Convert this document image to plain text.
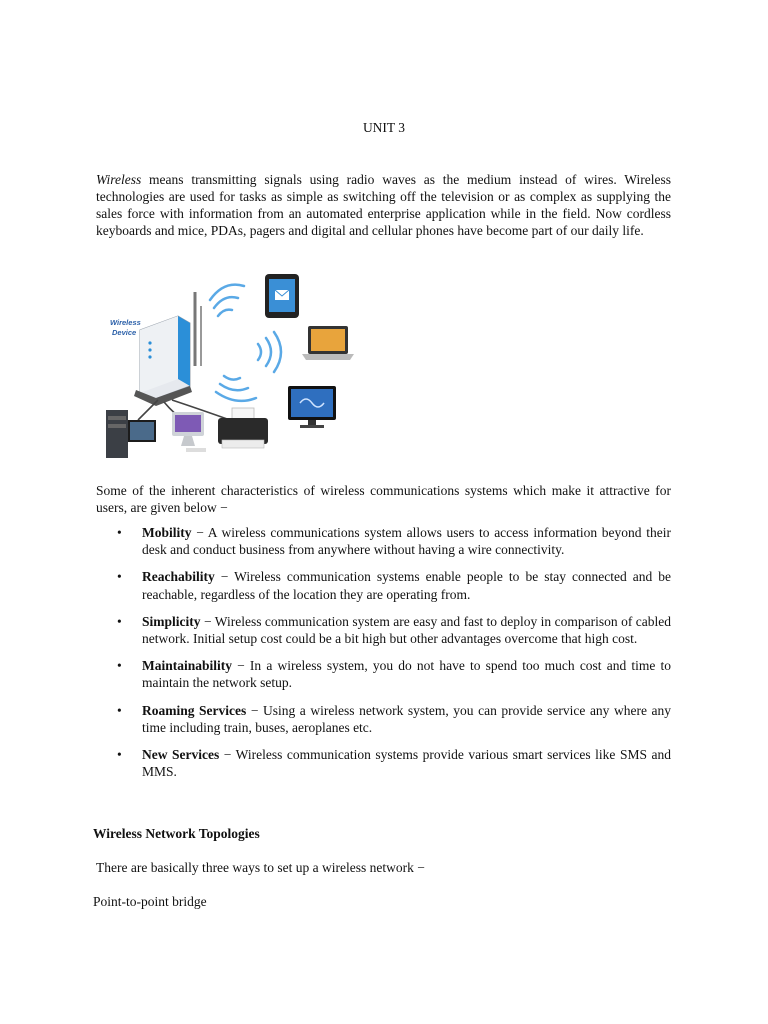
UNIT 3

Wireless means transmitting signals using radio waves as the medium instead of wires. Wireless technologies are used for tasks as simple as switching off the television or as complex as supplying the sales force with information from an automated enterprise application while in the field. Now cordless keyboards and mice, PDAs, pagers and digital and cellular phones have become part of our daily life.

Wireless
Device

Some of the inherent characteristics of wireless communications systems which make it attractive for users, are given below −

• Mobility − A wireless communications system allows users to access information beyond their desk and conduct business from anywhere without having a wire connectivity.
• Reachability − Wireless communication systems enable people to be stay connected and be reachable, regardless of the location they are operating from.
• Simplicity − Wireless communication system are easy and fast to deploy in comparison of cabled network. Initial setup cost could be a bit high but other advantages overcome that high cost.
• Maintainability − In a wireless system, you do not have to spend too much cost and time to maintain the network setup.
• Roaming Services − Using a wireless network system, you can provide service any where any time including train, buses, aeroplanes etc.
• New Services − Wireless communication systems provide various smart services like SMS and MMS.
Wireless Network Topologies

There are basically three ways to set up a wireless network −

Point-to-point bridge
